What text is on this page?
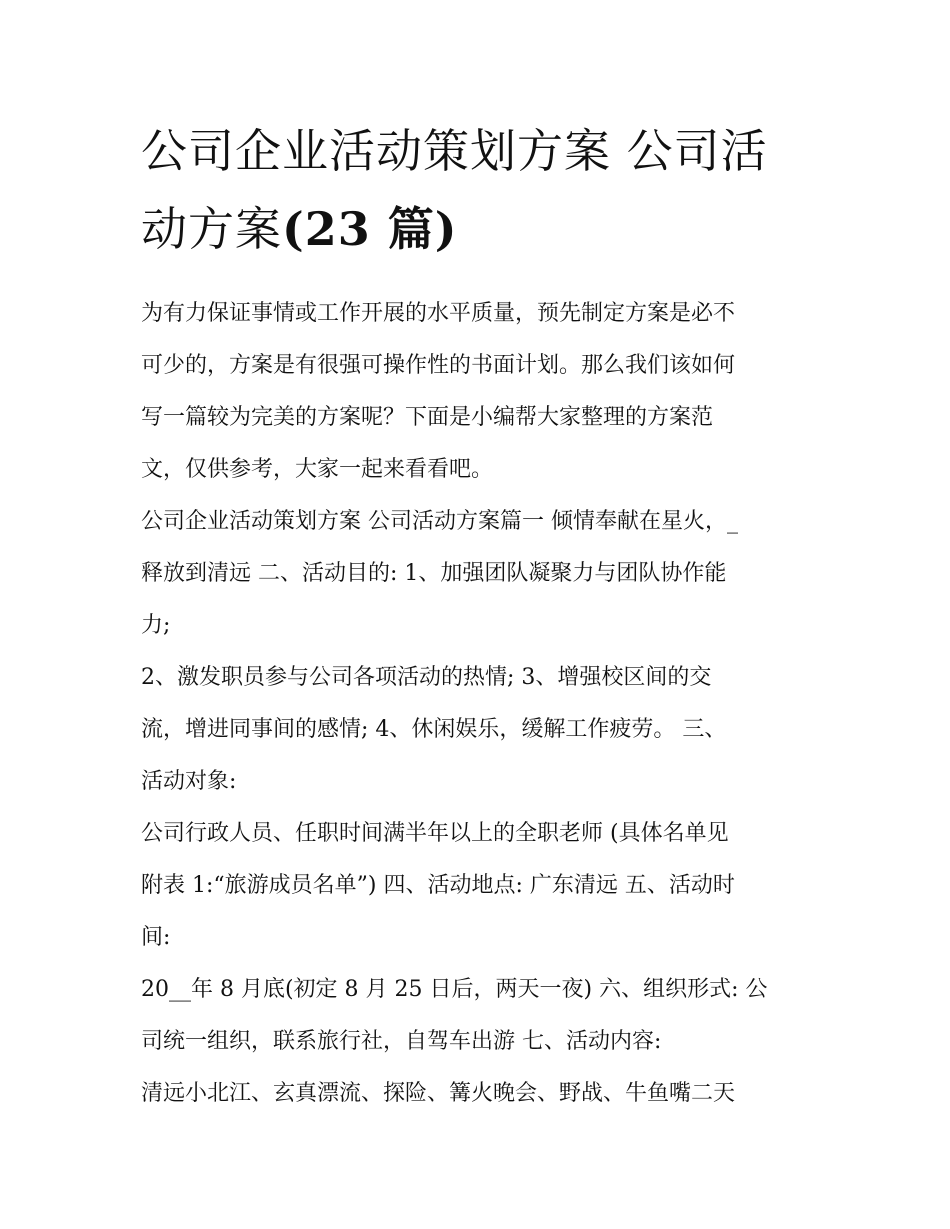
公司企业活动策划方案 公司活
动方案(23 篇)

为有力保证事情或工作开展的水平质量，预先制定方案是必不
可少的，方案是有很强可操作性的书面计划。那么我们该如何
写一篇较为完美的方案呢？下面是小编帮大家整理的方案范
文，仅供参考，大家一起来看看吧。

公司企业活动策划方案 公司活动方案篇一 倾情奉献在星火，_
释放到清远 二、活动目的: 1、加强团队凝聚力与团队协作能
力;

2、激发职员参与公司各项活动的热情; 3、增强校区间的交
流，增进同事间的感情; 4、休闲娱乐，缓解工作疲劳。 三、
活动对象:

公司行政人员、任职时间满半年以上的全职老师 (具体名单见
附表 1:“旅游成员名单”) 四、活动地点: 广东清远 五、活动时
间:

20__年 8 月底(初定 8 月 25 日后，两天一夜) 六、组织形式: 公
司统一组织，联系旅行社，自驾车出游 七、活动内容:

清远小北江、玄真漂流、探险、篝火晚会、野战、牛鱼嘴二天
